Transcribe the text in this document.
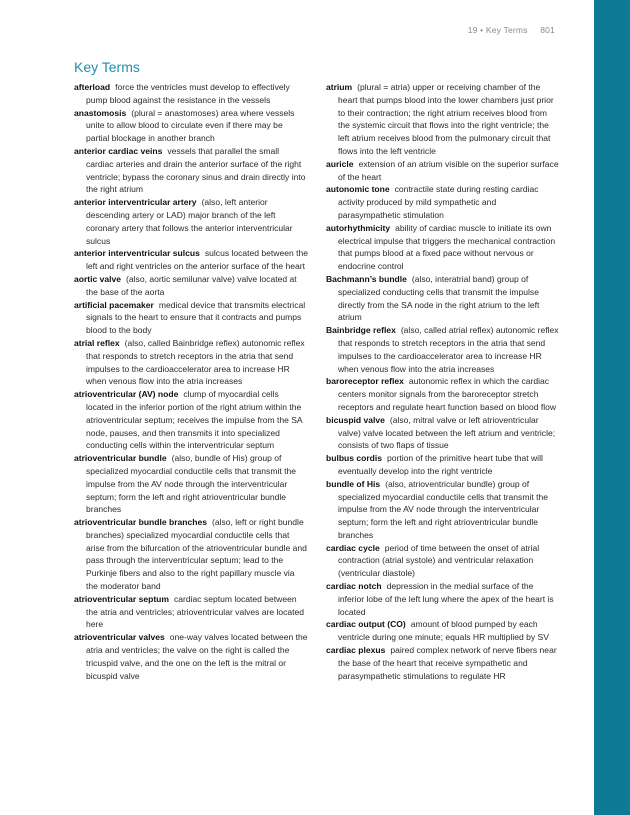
19 • Key Terms 801
Key Terms

afterload force the ventricles must develop to effectively pump blood against the resistance in the vessels

anastomosis (plural = anastomoses) area where vessels unite to allow blood to circulate even if there may be partial blockage in another branch

anterior cardiac veins vessels that parallel the small cardiac arteries and drain the anterior surface of the right ventricle; bypass the coronary sinus and drain directly into the right atrium

anterior interventricular artery (also, left anterior descending artery or LAD) major branch of the left coronary artery that follows the anterior interventricular sulcus

anterior interventricular sulcus sulcus located between the left and right ventricles on the anterior surface of the heart

aortic valve (also, aortic semilunar valve) valve located at the base of the aorta

artificial pacemaker medical device that transmits electrical signals to the heart to ensure that it contracts and pumps blood to the body

atrial reflex (also, called Bainbridge reflex) autonomic reflex that responds to stretch receptors in the atria that send impulses to the cardioaccelerator area to increase HR when venous flow into the atria increases

atrioventricular (AV) node clump of myocardial cells located in the inferior portion of the right atrium within the atrioventricular septum; receives the impulse from the SA node, pauses, and then transmits it into specialized conducting cells within the interventricular septum

atrioventricular bundle (also, bundle of His) group of specialized myocardial conductile cells that transmit the impulse from the AV node through the interventricular septum; form the left and right atrioventricular bundle branches

atrioventricular bundle branches (also, left or right bundle branches) specialized myocardial conductile cells that arise from the bifurcation of the atrioventricular bundle and pass through the interventricular septum; lead to the Purkinje fibers and also to the right papillary muscle via the moderator band

atrioventricular septum cardiac septum located between the atria and ventricles; atrioventricular valves are located here

atrioventricular valves one-way valves located between the atria and ventricles; the valve on the right is called the tricuspid valve, and the one on the left is the mitral or bicuspid valve

atrium (plural = atria) upper or receiving chamber of the heart that pumps blood into the lower chambers just prior to their contraction; the right atrium receives blood from the systemic circuit that flows into the right ventricle; the left atrium receives blood from the pulmonary circuit that flows into the left ventricle

auricle extension of an atrium visible on the superior surface of the heart

autonomic tone contractile state during resting cardiac activity produced by mild sympathetic and parasympathetic stimulation

autorhythmicity ability of cardiac muscle to initiate its own electrical impulse that triggers the mechanical contraction that pumps blood at a fixed pace without nervous or endocrine control

Bachmann’s bundle (also, interatrial band) group of specialized conducting cells that transmit the impulse directly from the SA node in the right atrium to the left atrium

Bainbridge reflex (also, called atrial reflex) autonomic reflex that responds to stretch receptors in the atria that send impulses to the cardioaccelerator area to increase HR when venous flow into the atria increases

baroreceptor reflex autonomic reflex in which the cardiac centers monitor signals from the baroreceptor stretch receptors and regulate heart function based on blood flow

bicuspid valve (also, mitral valve or left atrioventricular valve) valve located between the left atrium and ventricle; consists of two flaps of tissue

bulbus cordis portion of the primitive heart tube that will eventually develop into the right ventricle

bundle of His (also, atrioventricular bundle) group of specialized myocardial conductile cells that transmit the impulse from the AV node through the interventricular septum; form the left and right atrioventricular bundle branches

cardiac cycle period of time between the onset of atrial contraction (atrial systole) and ventricular relaxation (ventricular diastole)

cardiac notch depression in the medial surface of the inferior lobe of the left lung where the apex of the heart is located

cardiac output (CO) amount of blood pumped by each ventricle during one minute; equals HR multiplied by SV

cardiac plexus paired complex network of nerve fibers near the base of the heart that receive sympathetic and parasympathetic stimulations to regulate HR
